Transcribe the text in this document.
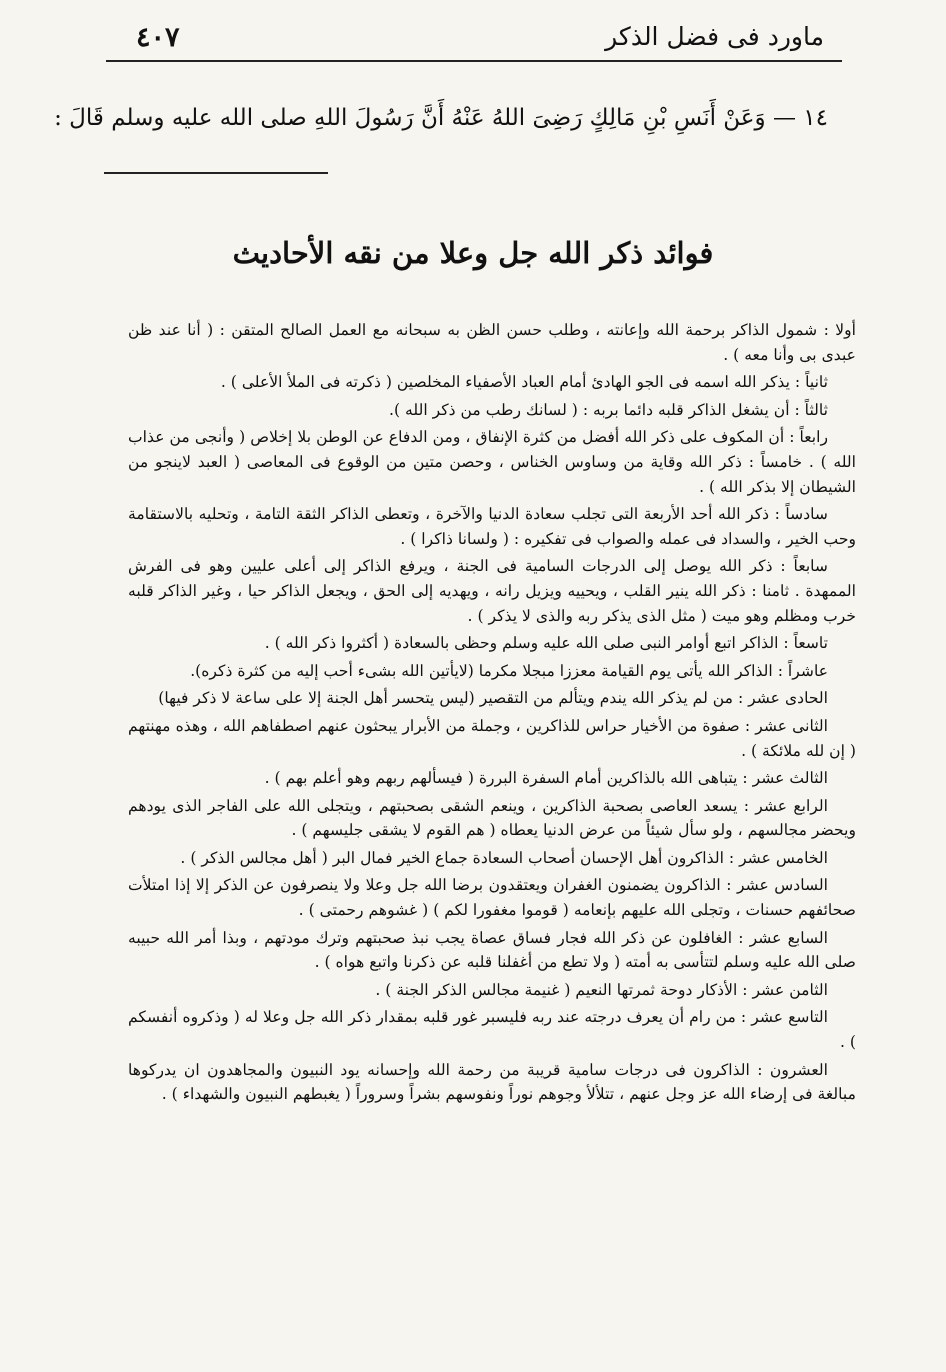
٤٠٧	ماورد فى فضل الذكر
١٤ — وَعَنْ أَنَسِ بْنِ مَالِكٍ رَضِىَ اللهُ عَنْهُ أَنَّ رَسُولَ اللهِ صلى الله عليه وسلم قَالَ :
فوائد ذكر الله جل وعلا من نقه الأحاديث

أولا : شمول الذاكر برحمة الله وإعانته ، وطلب حسن الظن به سبحانه مع العمل الصالح المتقن : ( أنا عند ظن عبدى بى وأنا معه ) .

ثانياً : يذكر الله اسمه فى الجو الهادئ أمام العباد الأصفياء المخلصين ( ذكرته فى الملأ الأعلى ) .

ثالثاً : أن يشغل الذاكر قلبه دائما بربه : ( لسانك رطب من ذكر الله ).

رابعاً : أن المكوف على ذكر الله أفضل من كثرة الإنفاق ، ومن الدفاع عن الوطن بلا إخلاص ( وأنجى من عذاب الله ) . خامساً : ذكر الله وقاية من وساوس الخناس ، وحصن متين من الوقوع فى المعاصى ( العبد لاينجو من الشيطان إلا بذكر الله ) .

سادساً : ذكر الله أحد الأربعة التى تجلب سعادة الدنيا والآخرة ، وتعطى الذاكر الثقة التامة ، وتحليه بالاستقامة وحب الخير ، والسداد فى عمله والصواب فى تفكيره : ( ولسانا ذاكرا ) .

سابعاً : ذكر الله يوصل إلى الدرجات السامية فى الجنة ، ويرفع الذاكر إلى أعلى عليين وهو فى الفرش الممهدة . ثامنا : ذكر الله ينير القلب ، ويحييه ويزيل رانه ، ويهديه إلى الحق ، ويجعل الذاكر حيا ، وغير الذاكر قلبه خرب ومظلم وهو ميت ( مثل الذى يذكر ربه والذى لا يذكر ) .

تاسعاً : الذاكر اتبع أوامر النبى صلى الله عليه وسلم وحظى بالسعادة ( أكثروا ذكر الله ) .

عاشراً : الذاكر الله يأتى يوم القيامة معززا مبجلا مكرما (لايأتين الله بشىء أحب إليه من كثرة ذكره).

الحادى عشر : من لم يذكر الله يندم ويتألم من التقصير (ليس يتحسر أهل الجنة إلا على ساعة لا ذكر فيها)

الثانى عشر : صفوة من الأخيار حراس للذاكرين ، وجملة من الأبرار يبحثون عنهم اصطفاهم الله ، وهذه مهنتهم ( إن لله ملائكة ) .

الثالث عشر : يتباهى الله بالذاكرين أمام السفرة البررة ( فيسألهم ربهم وهو أعلم بهم ) .

الرابع عشر : يسعد العاصى بصحبة الذاكرين ، وينعم الشقى بصحبتهم ، ويتجلى الله على الفاجر الذى يودهم ويحضر مجالسهم ، ولو سأل شيئاً من عرض الدنيا يعطاه ( هم القوم لا يشقى جليسهم ) .

الخامس عشر : الذاكرون أهل الإحسان أصحاب السعادة جماع الخير فمال البر ( أهل مجالس الذكر ) .

السادس عشر : الذاكرون يضمنون الغفران ويعتقدون برضا الله جل وعلا ولا ينصرفون عن الذكر إلا إذا امتلأت صحائفهم حسنات ، وتجلى الله عليهم بإنعامه ( قوموا مغفورا لكم ) ( غشوهم رحمتى ) .

السابع عشر : الغافلون عن ذكر الله فجار فساق عصاة يجب نبذ صحبتهم وترك مودتهم ، وبذا أمر الله حبيبه صلى الله عليه وسلم لتتأسى به أمته ( ولا تطع من أغفلنا قلبه عن ذكرنا واتبع هواه ) .

الثامن عشر : الأذكار دوحة ثمرتها النعيم ( غنيمة مجالس الذكر الجنة ) .

التاسع عشر : من رام أن يعرف درجته عند ربه فليسبر غور قلبه بمقدار ذكر الله جل وعلا له ( وذكروه أنفسكم ) .

العشرون : الذاكرون فى درجات سامية قريبة من رحمة الله وإحسانه يود النبيون والمجاهدون ان يدركوها مبالغة فى إرضاء الله عز وجل عنهم ، تتلألأ وجوهم نوراً ونفوسهم بشراً وسروراً ( يغبطهم النبيون والشهداء ) .
